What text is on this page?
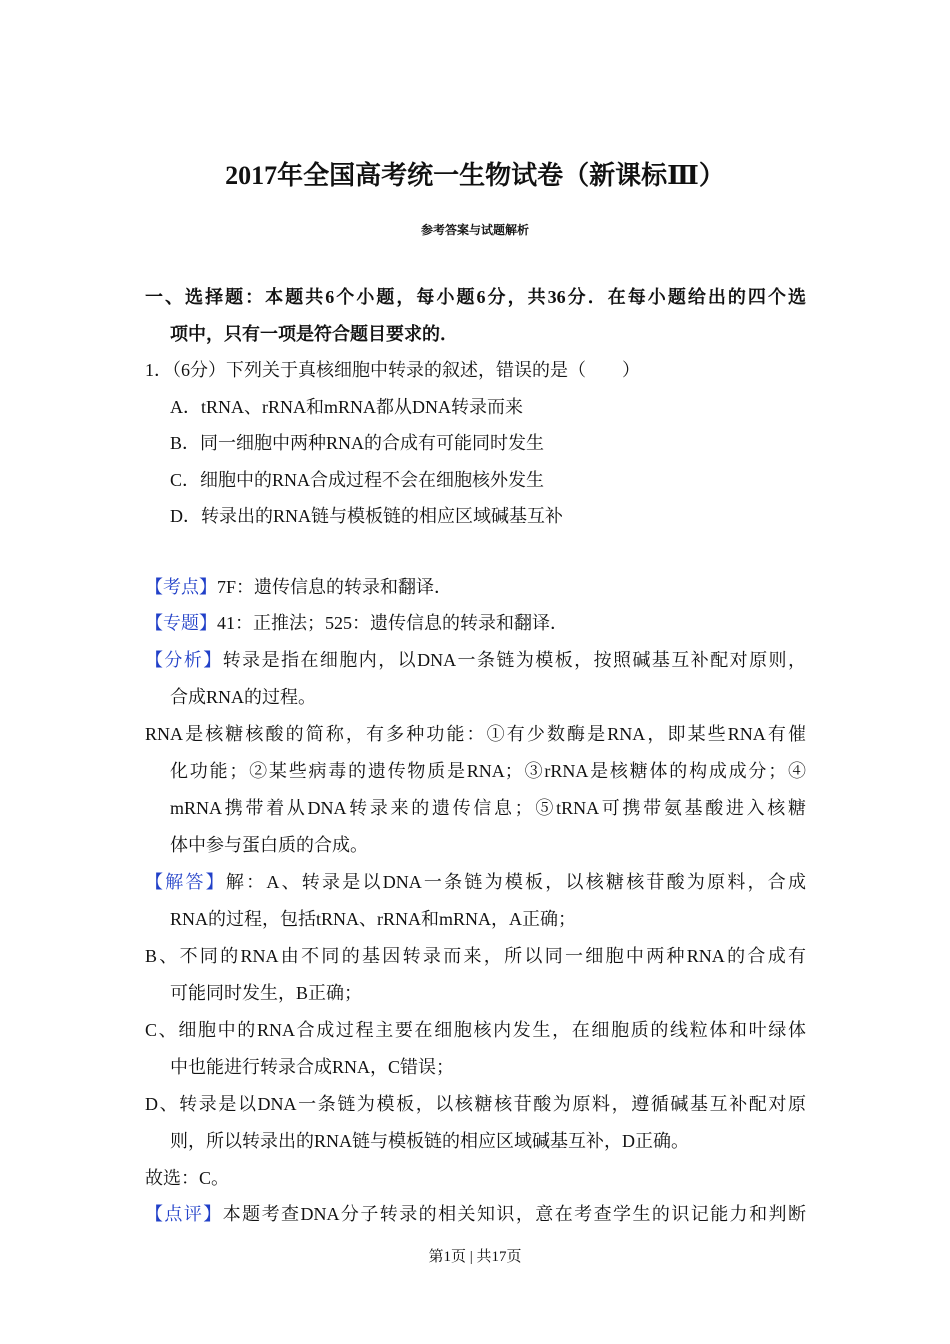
2017年全国高考统一生物试卷（新课标Ⅲ）
参考答案与试题解析
一、选择题：本题共6个小题，每小题6分，共36分．在每小题给出的四个选
项中，只有一项是符合题目要求的．
1．（6分）下列关于真核细胞中转录的叙述，错误的是（　　）
A．tRNA、rRNA和mRNA都从DNA转录而来
B．同一细胞中两种RNA的合成有可能同时发生
C．细胞中的RNA合成过程不会在细胞核外发生
D．转录出的RNA链与模板链的相应区域碱基互补
【考点】7F：遗传信息的转录和翻译．
【专题】41：正推法；525：遗传信息的转录和翻译．
【分析】转录是指在细胞内，以DNA一条链为模板，按照碱基互补配对原则，
合成RNA的过程。
RNA是核糖核酸的简称，有多种功能：①有少数酶是RNA，即某些RNA有催
化功能；②某些病毒的遗传物质是RNA；③rRNA是核糖体的构成成分；④
mRNA携带着从DNA转录来的遗传信息；⑤tRNA可携带氨基酸进入核糖
体中参与蛋白质的合成。
【解答】解：A、转录是以DNA一条链为模板，以核糖核苷酸为原料，合成
RNA的过程，包括tRNA、rRNA和mRNA，A正确；
B、不同的RNA由不同的基因转录而来，所以同一细胞中两种RNA的合成有
可能同时发生，B正确；
C、细胞中的RNA合成过程主要在细胞核内发生，在细胞质的线粒体和叶绿体
中也能进行转录合成RNA，C错误；
D、转录是以DNA一条链为模板，以核糖核苷酸为原料，遵循碱基互补配对原
则，所以转录出的RNA链与模板链的相应区域碱基互补，D正确。
故选：C。
【点评】本题考查DNA分子转录的相关知识，意在考查学生的识记能力和判断
第1页 | 共17页
